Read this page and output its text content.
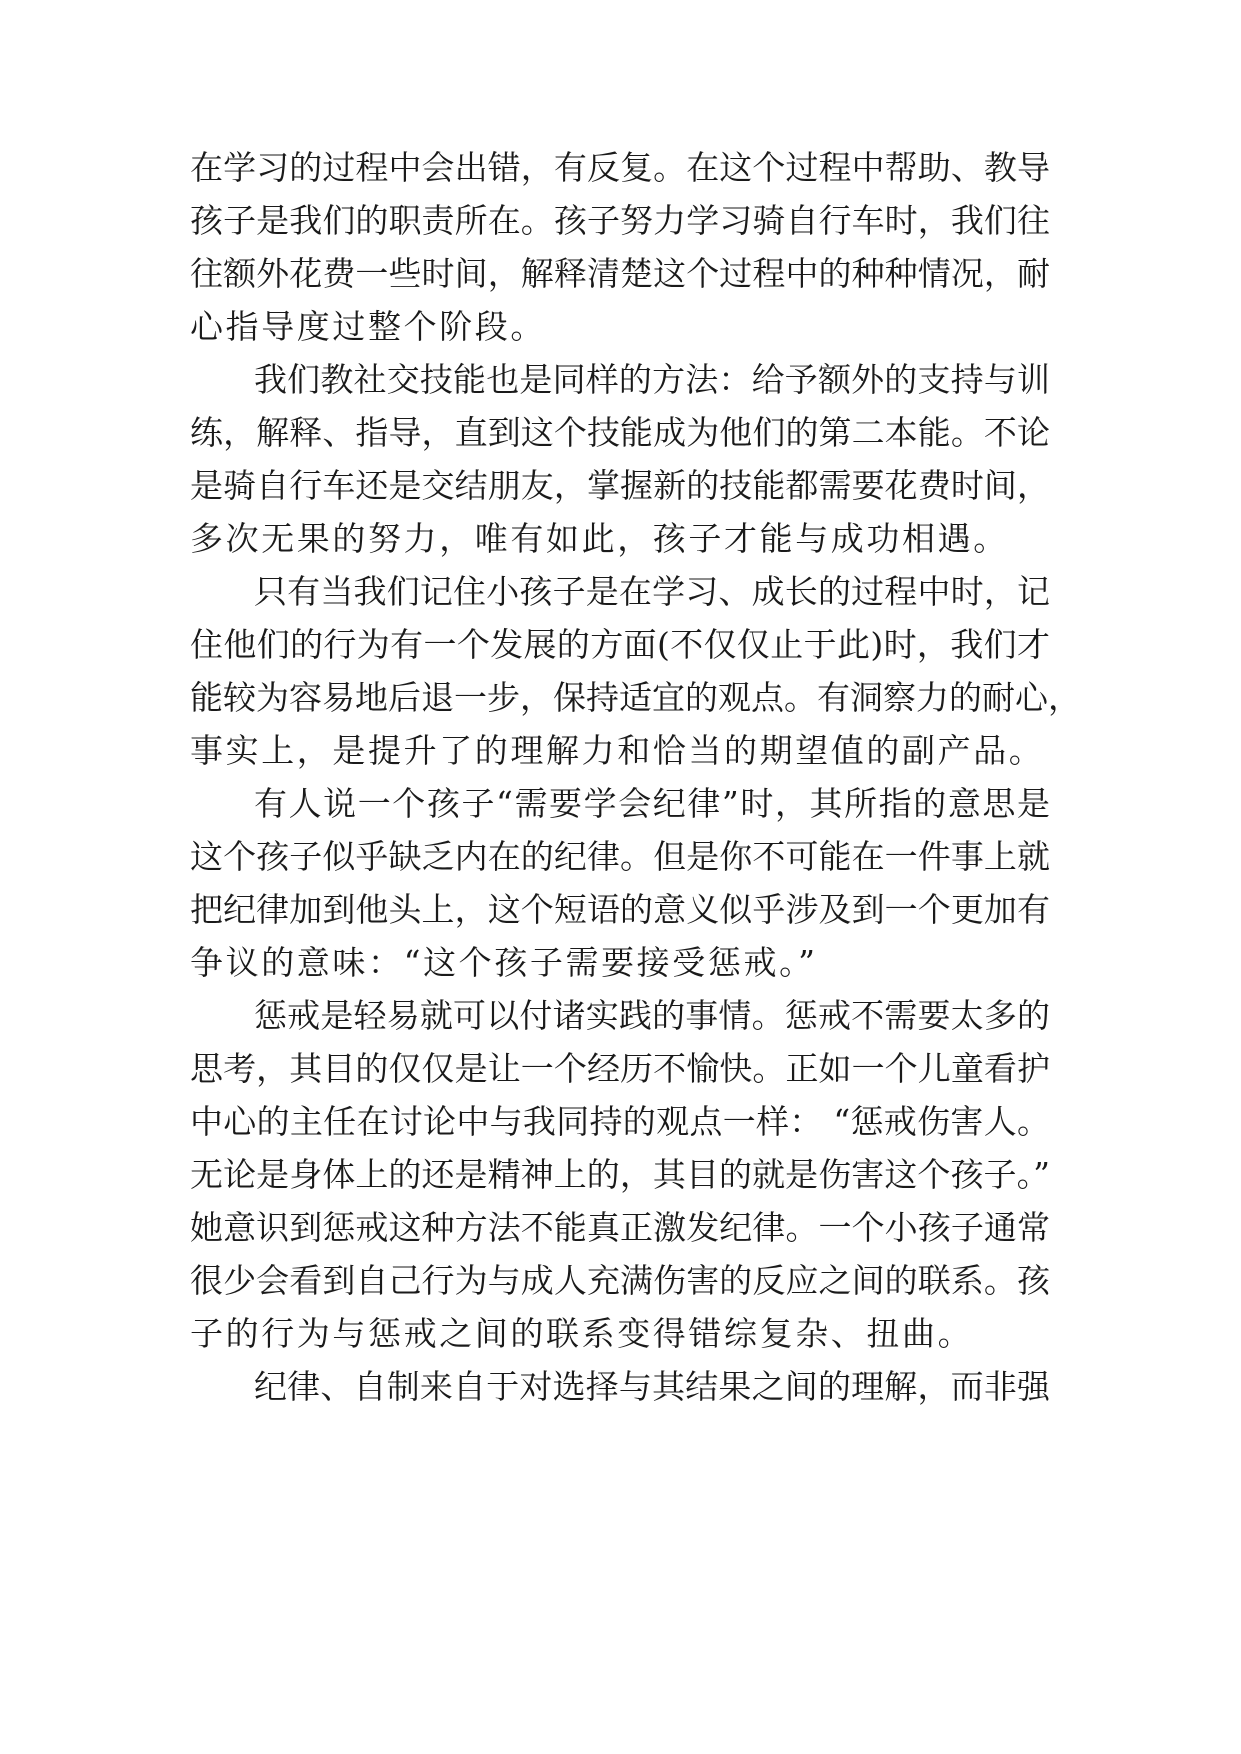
在学习的过程中会出错，有反复。在这个过程中帮助、教导
孩子是我们的职责所在。孩子努力学习骑自行车时，我们往
往额外花费一些时间，解释清楚这个过程中的种种情况，耐
心指导度过整个阶段。
我们教社交技能也是同样的方法：给予额外的支持与训
练，解释、指导，直到这个技能成为他们的第二本能。不论
是骑自行车还是交结朋友，掌握新的技能都需要花费时间，
多次无果的努力，唯有如此，孩子才能与成功相遇。
只有当我们记住小孩子是在学习、成长的过程中时，记
住他们的行为有一个发展的方面(不仅仅止于此)时，我们才
能较为容易地后退一步，保持适宜的观点。有洞察力的耐心，
事实上，是提升了的理解力和恰当的期望值的副产品。
有人说一个孩子“需要学会纪律”时，其所指的意思是
这个孩子似乎缺乏内在的纪律。但是你不可能在一件事上就
把纪律加到他头上，这个短语的意义似乎涉及到一个更加有
争议的意味：“这个孩子需要接受惩戒。”
惩戒是轻易就可以付诸实践的事情。惩戒不需要太多的
思考，其目的仅仅是让一个经历不愉快。正如一个儿童看护
中心的主任在讨论中与我同持的观点一样： “惩戒伤害人。
无论是身体上的还是精神上的，其目的就是伤害这个孩子。”
她意识到惩戒这种方法不能真正激发纪律。一个小孩子通常
很少会看到自己行为与成人充满伤害的反应之间的联系。孩
子的行为与惩戒之间的联系变得错综复杂、扭曲。
纪律、自制来自于对选择与其结果之间的理解，而非强
